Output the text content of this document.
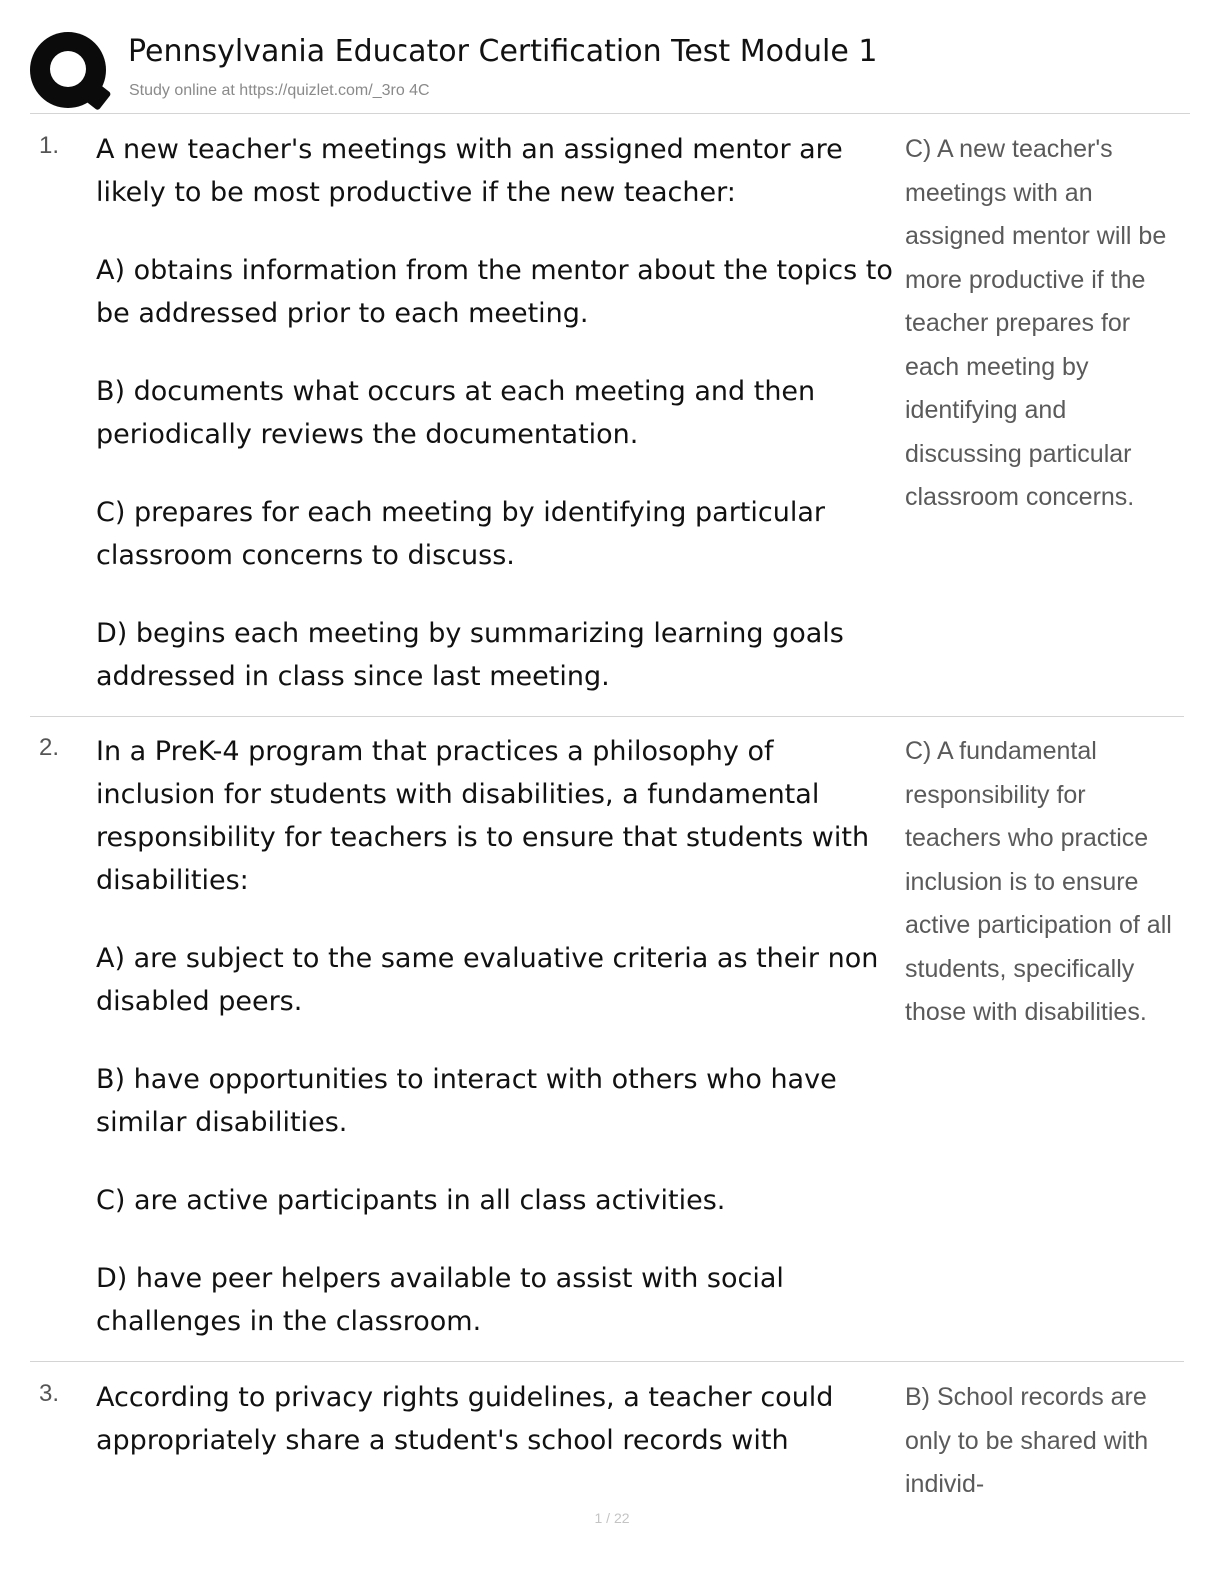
Pennsylvania Educator Certification Test Module 1
Study online at https://quizlet.com/_3ro 4C
1. A new teacher's meetings with an assigned mentor are likely to be most productive if the new teacher:

A) obtains information from the mentor about the topics to be addressed prior to each meeting.

B) documents what occurs at each meeting and then periodically reviews the documentation.

C) prepares for each meeting by identifying particular classroom concerns to discuss.

D) begins each meeting by summarizing learning goals addressed in class since last meeting.

C) A new teacher's meetings with an assigned mentor will be more productive if the teacher prepares for each meeting by identifying and discussing particular classroom concerns.
2. In a PreK-4 program that practices a philosophy of inclusion for students with disabilities, a fundamental responsibility for teachers is to ensure that students with disabilities:

A) are subject to the same evaluative criteria as their non disabled peers.

B) have opportunities to interact with others who have similar disabilities.

C) are active participants in all class activities.

D) have peer helpers available to assist with social challenges in the classroom.

C) A fundamental responsibility for teachers who practice inclusion is to ensure active participation of all students, specifically those with disabilities.
3. According to privacy rights guidelines, a teacher could appropriately share a student's school records with

B) School records are only to be shared with individ-
1 / 22
